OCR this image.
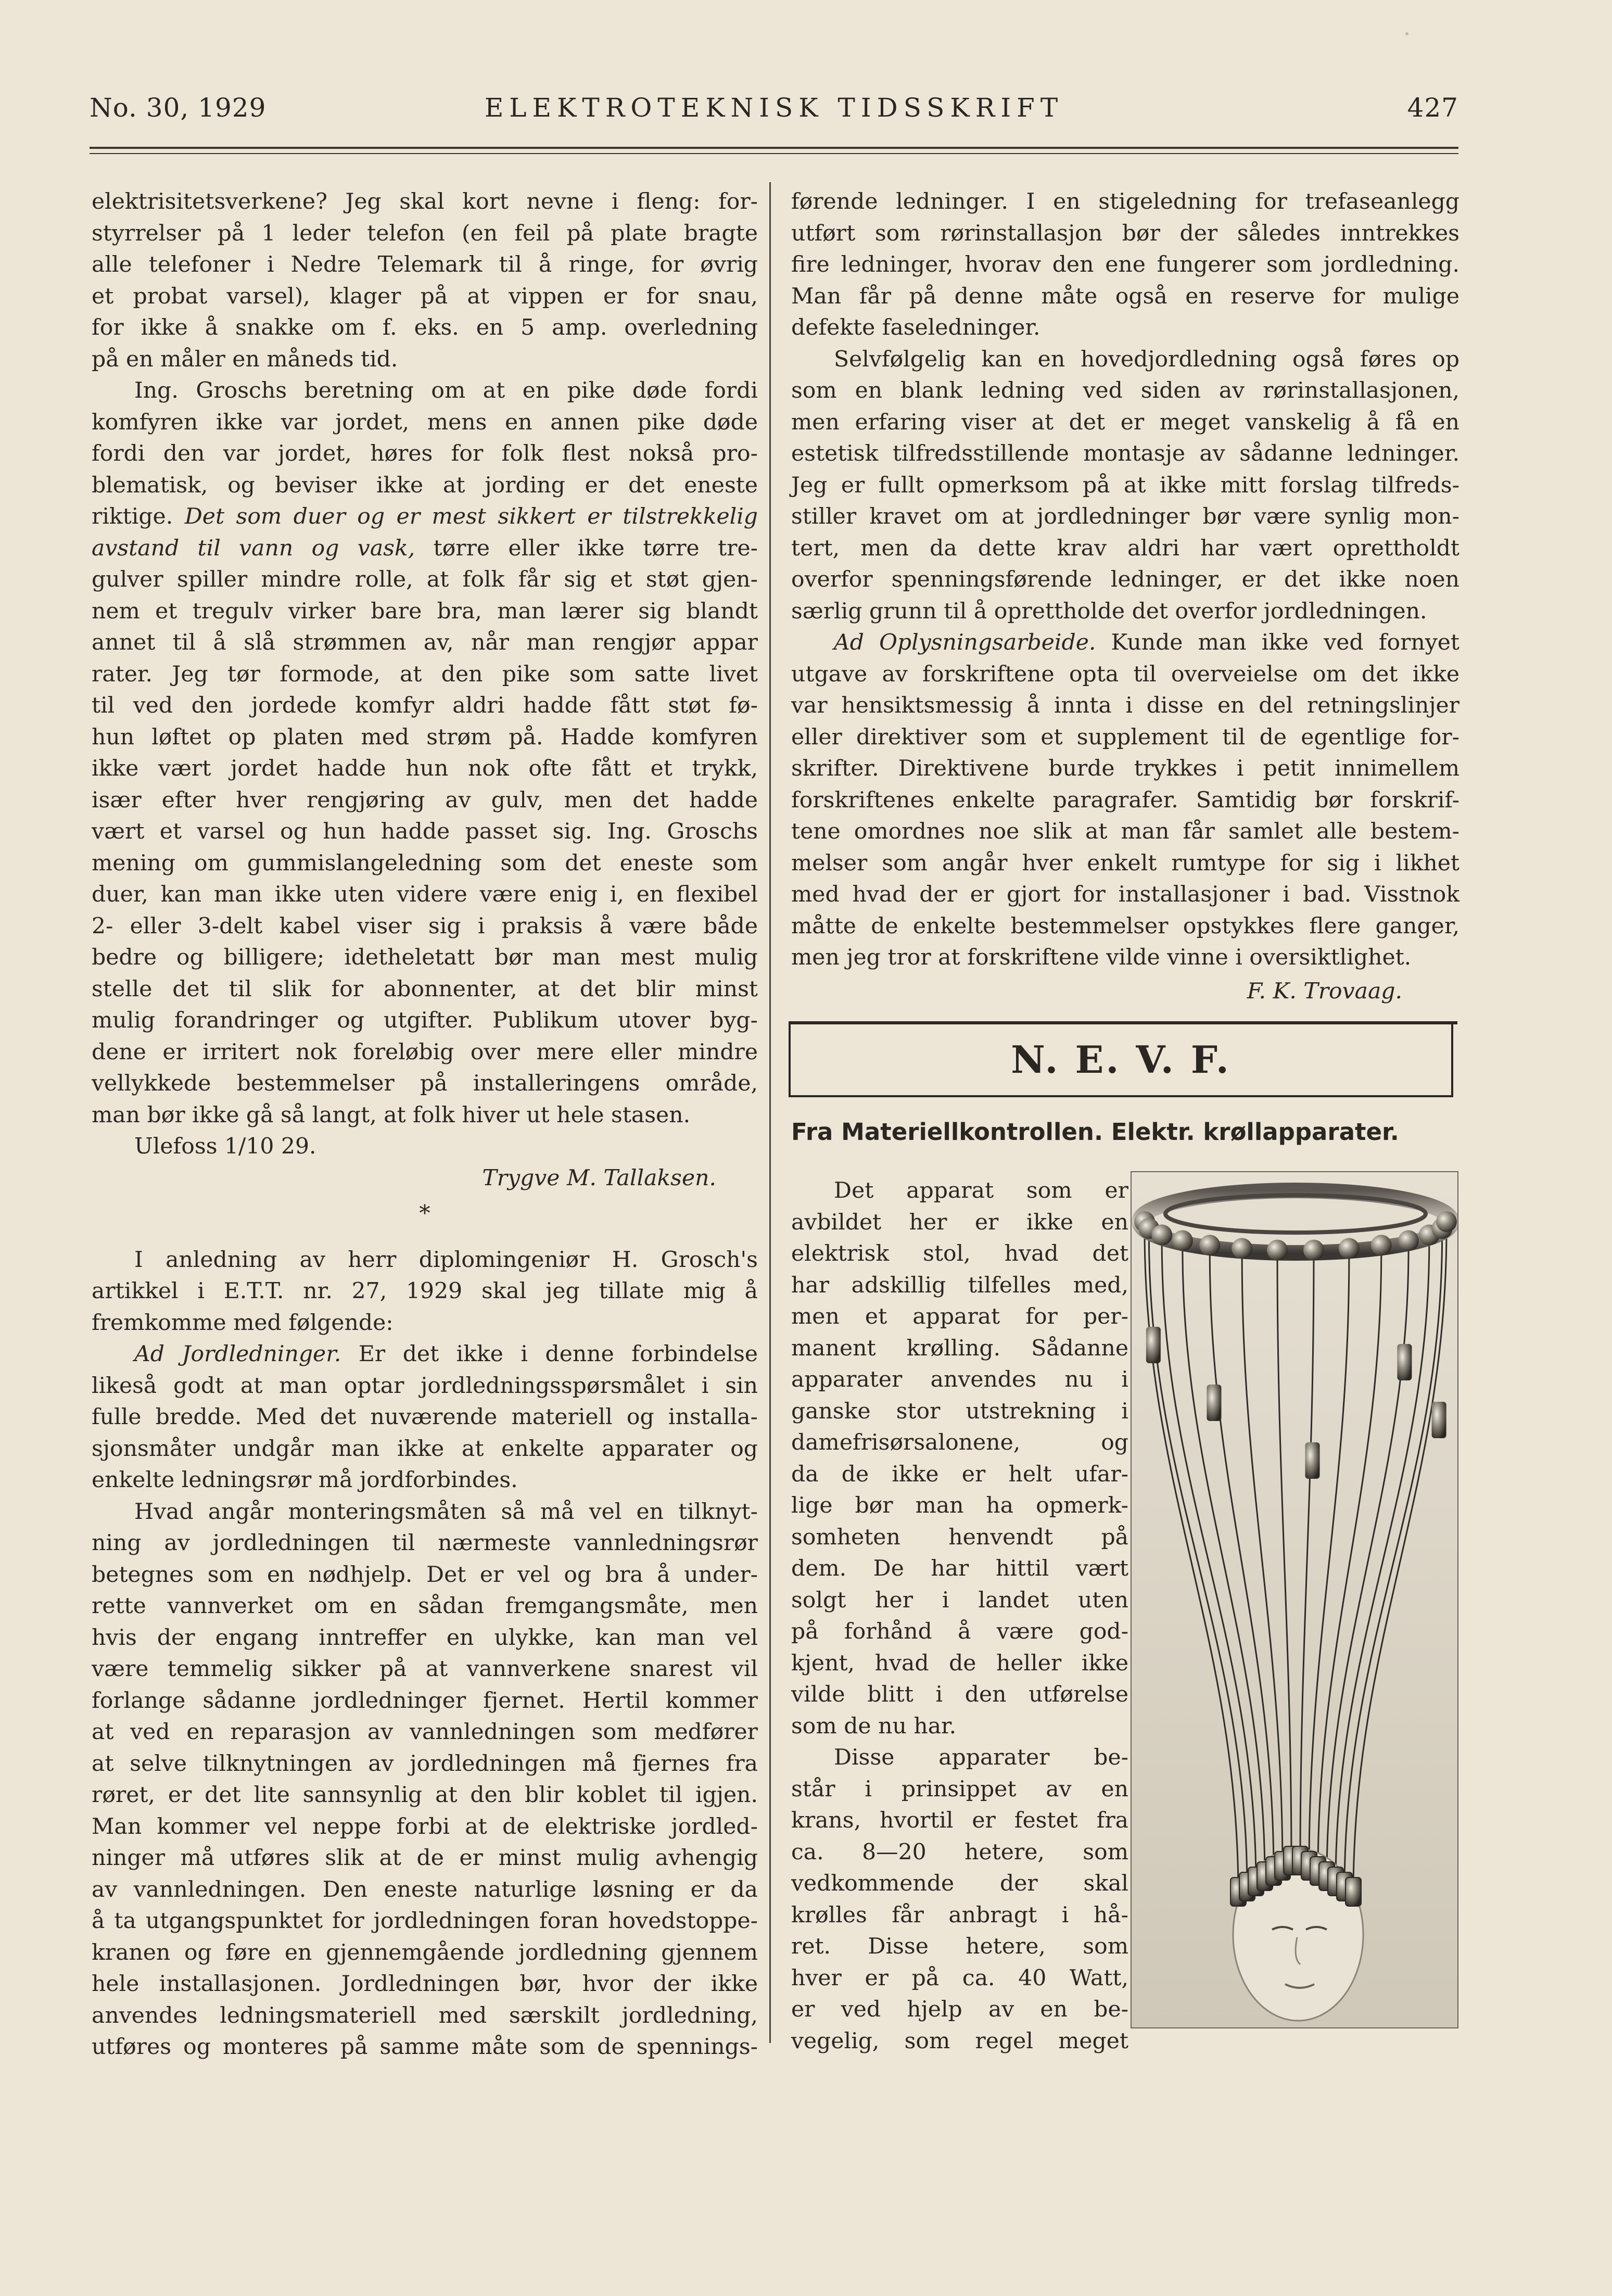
No. 30, 1929	ELEKTROTEKNISK TIDSSKRIFT	427
elektrisitetsverkene? Jeg skal kort nevne i fleng: for-
styrrelser på 1 leder telefon (en feil på plate bragte
alle telefoner i Nedre Telemark til å ringe, for øvrig
et probat varsel), klager på at vippen er for snau,
for ikke å snakke om f. eks. en 5 amp. overledning
på en måler en måneds tid.
Ing. Groschs beretning om at en pike døde fordi
komfyren ikke var jordet, mens en annen pike døde
fordi den var jordet, høres for folk flest nokså pro-
blematisk, og beviser ikke at jording er det eneste
riktige. Det som duer og er mest sikkert er tilstrekkelig
avstand til vann og vask, tørre eller ikke tørre tre-
gulver spiller mindre rolle, at folk får sig et støt gjen-
nem et tregulv virker bare bra, man lærer sig blandt
annet til å slå strømmen av, når man rengjør appar
rater. Jeg tør formode, at den pike som satte livet
til ved den jordede komfyr aldri hadde fått støt fø-
hun løftet op platen med strøm på. Hadde komfyren
ikke vært jordet hadde hun nok ofte fått et trykk,
især efter hver rengjøring av gulv, men det hadde
vært et varsel og hun hadde passet sig. Ing. Groschs
mening om gummislangeledning som det eneste som
duer, kan man ikke uten videre være enig i, en flexibel
2- eller 3-delt kabel viser sig i praksis å være både
bedre og billigere; idetheletatt bør man mest mulig
stelle det til slik for abonnenter, at det blir minst
mulig forandringer og utgifter. Publikum utover byg-
dene er irritert nok foreløbig over mere eller mindre
vellykkede bestemmelser på installeringens område,
man bør ikke gå så langt, at folk hiver ut hele stasen.

Ulefoss 1/10 29.

Trygve M. Tallaksen.

*

I anledning av herr diplomingeniør H. Grosch's
artikkel i E.T.T. nr. 27, 1929 skal jeg tillate mig å
fremkomme med følgende:
Ad Jordledninger. Er det ikke i denne forbindelse
likeså godt at man optar jordledningsspørsmålet i sin
fulle bredde. Med det nuværende materiell og installa-
sjonsmåter undgår man ikke at enkelte apparater og
enkelte ledningsrør må jordforbindes.
Hvad angår monteringsmåten så må vel en tilknyt-
ning av jordledningen til nærmeste vannledningsrør
betegnes som en nødhjelp. Det er vel og bra å under-
rette vannverket om en sådan fremgangsmåte, men
hvis der engang inntreffer en ulykke, kan man vel
være temmelig sikker på at vannverkene snarest vil
forlange sådanne jordledninger fjernet. Hertil kommer
at ved en reparasjon av vannledningen som medfører
at selve tilknytningen av jordledningen må fjernes fra
røret, er det lite sannsynlig at den blir koblet til igjen.
Man kommer vel neppe forbi at de elektriske jordled-
ninger må utføres slik at de er minst mulig avhengig
av vannledningen. Den eneste naturlige løsning er da
å ta utgangspunktet for jordledningen foran hovedstoppe-
kranen og føre en gjennemgående jordledning gjennem
hele installasjonen. Jordledningen bør, hvor der ikke
anvendes ledningsmateriell med særskilt jordledning,
utføres og monteres på samme måte som de spennings-
førende ledninger. I en stigeledning for trefaseanlegg
utført som rørinstallasjon bør der således inntrekkes
fire ledninger, hvorav den ene fungerer som jordledning.
Man får på denne måte også en reserve for mulige
defekte faseledninger.
Selvfølgelig kan en hovedjordledning også føres op
som en blank ledning ved siden av rørinstallasjonen,
men erfaring viser at det er meget vanskelig å få en
estetisk tilfredsstillende montasje av sådanne ledninger.
Jeg er fullt opmerksom på at ikke mitt forslag tilfreds-
stiller kravet om at jordledninger bør være synlig mon-
tert, men da dette krav aldri har vært oprettholdt
overfor spenningsførende ledninger, er det ikke noen
særlig grunn til å oprettholde det overfor jordledningen.
Ad Oplysningsarbeide. Kunde man ikke ved fornyet
utgave av forskriftene opta til overveielse om det ikke
var hensiktsmessig å innta i disse en del retningslinjer
eller direktiver som et supplement til de egentlige for-
skrifter. Direktivene burde trykkes i petit innimellem
forskriftenes enkelte paragrafer. Samtidig bør forskrif-
tene omordnes noe slik at man får samlet alle bestem-
melser som angår hver enkelt rumtype for sig i likhet
med hvad der er gjort for installasjoner i bad. Visstnok
måtte de enkelte bestemmelser opstykkes flere ganger,
men jeg tror at forskriftene vilde vinne i oversiktlighet.

F. K. Trovaag.

N. E. V. F.
Fra Materiellkontrollen. Elektr. krøllapparater.
Det apparat som er
avbildet her er ikke en
elektrisk stol, hvad det
har adskillig tilfelles med,
men et apparat for per-
manent krølling. Sådanne
apparater anvendes nu i
ganske stor utstrekning i
damefrisørsalonene, og
da de ikke er helt ufar-
lige bør man ha opmerk-
somheten henvendt på
dem. De har hittil vært
solgt her i landet uten
på forhånd å være god-
kjent, hvad de heller ikke
vilde blitt i den utførelse
som de nu har.
Disse apparater be-
står i prinsippet av en
krans, hvortil er festet fra
ca. 8—20 hetere, som
vedkommende der skal
krølles får anbragt i hå-
ret. Disse hetere, som
hver er på ca. 40 Watt,
er ved hjelp av en be-
vegelig, som regel meget
